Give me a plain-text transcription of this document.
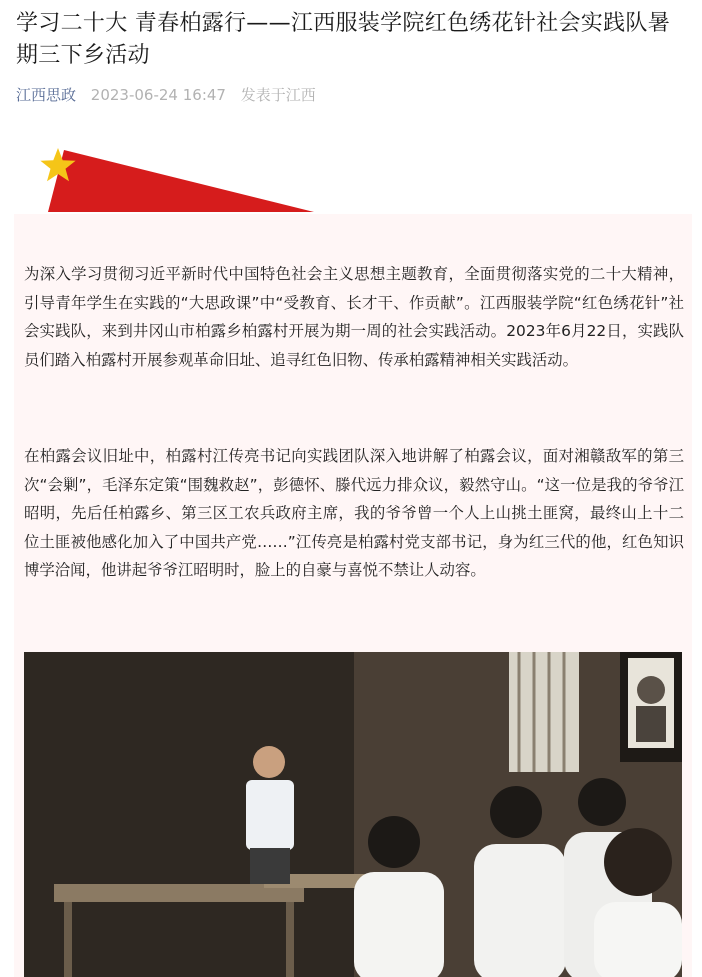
学习二十大 青春柏露行——江西服装学院红色绣花针社会实践队暑期三下乡活动
江西思政 2023-06-24 16:47 发表于江西

为深入学习贯彻习近平新时代中国特色社会主义思想主题教育，全面贯彻落实党的二十大精神，引导青年学生在实践的“大思政课”中“受教育、长才干、作贡献”。江西服装学院“红色绣花针”社会实践队，来到井冈山市柏露乡柏露村开展为期一周的社会实践活动。2023年6月22日，实践队员们踏入柏露村开展参观革命旧址、追寻红色旧物、传承柏露精神相关实践活动。

在柏露会议旧址中，柏露村江传亮书记向实践团队深入地讲解了柏露会议，面对湘赣敌军的第三次“会剿”，毛泽东定策“围魏救赵”，彭德怀、滕代远力排众议，毅然守山。“这一位是我的爷爷江昭明，先后任柏露乡、第三区工农兵政府主席，我的爷爷曾一个人上山挑土匪窝，最终山上十二位土匪被他感化加入了中国共产党……”江传亮是柏露村党支部书记，身为红三代的他，红色知识博学洽闻，他讲起爷爷江昭明时，脸上的自豪与喜悦不禁让人动容。
